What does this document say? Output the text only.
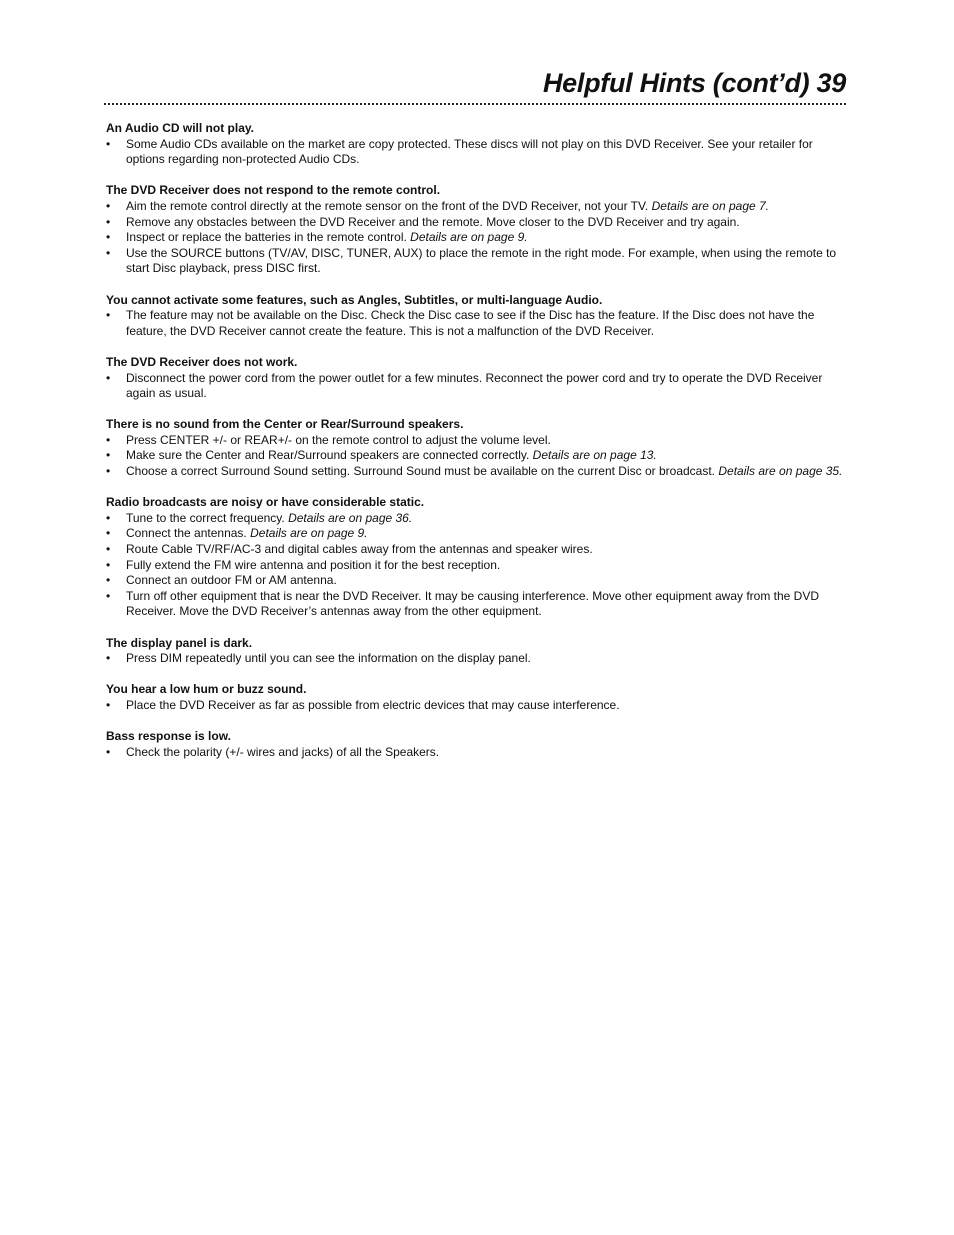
Helpful Hints (cont’d) 39

An Audio CD will not play.

• Some Audio CDs available on the market are copy protected. These discs will not play on this DVD Receiver. See your retailer for options regarding non-protected Audio CDs.

The DVD Receiver does not respond to the remote control.

• Aim the remote control directly at the remote sensor on the front of the DVD Receiver, not your TV. Details are on page 7.
• Remove any obstacles between the DVD Receiver and the remote. Move closer to the DVD Receiver and try again.
• Inspect or replace the batteries in the remote control. Details are on page 9.
• Use the SOURCE buttons (TV/AV, DISC, TUNER, AUX) to place the remote in the right mode. For example, when using the remote to start Disc playback, press DISC first.

You cannot activate some features, such as Angles, Subtitles, or multi-language Audio.

• The feature may not be available on the Disc. Check the Disc case to see if the Disc has the feature. If the Disc does not have the feature, the DVD Receiver cannot create the feature. This is not a malfunction of the DVD Receiver.

The DVD Receiver does not work.

• Disconnect the power cord from the power outlet for a few minutes. Reconnect the power cord and try to operate the DVD Receiver again as usual.

There is no sound from the Center or Rear/Surround speakers.

• Press CENTER +/- or REAR+/- on the remote control to adjust the volume level.
• Make sure the Center and Rear/Surround speakers are connected correctly. Details are on page 13.
• Choose a correct Surround Sound setting. Surround Sound must be available on the current Disc or broadcast. Details are on page 35.

Radio broadcasts are noisy or have considerable static.

• Tune to the correct frequency. Details are on page 36.
• Connect the antennas. Details are on page 9.
• Route Cable TV/RF/AC-3 and digital cables away from the antennas and speaker wires.
• Fully extend the FM wire antenna and position it for the best reception.
• Connect an outdoor FM or AM antenna.
• Turn off other equipment that is near the DVD Receiver. It may be causing interference. Move other equipment away from the DVD Receiver. Move the DVD Receiver’s antennas away from the other equipment.

The display panel is dark.

• Press DIM repeatedly until you can see the information on the display panel.

You hear a low hum or buzz sound.

• Place the DVD Receiver as far as possible from electric devices that may cause interference.

Bass response is low.

• Check the polarity (+/- wires and jacks) of all the Speakers.
